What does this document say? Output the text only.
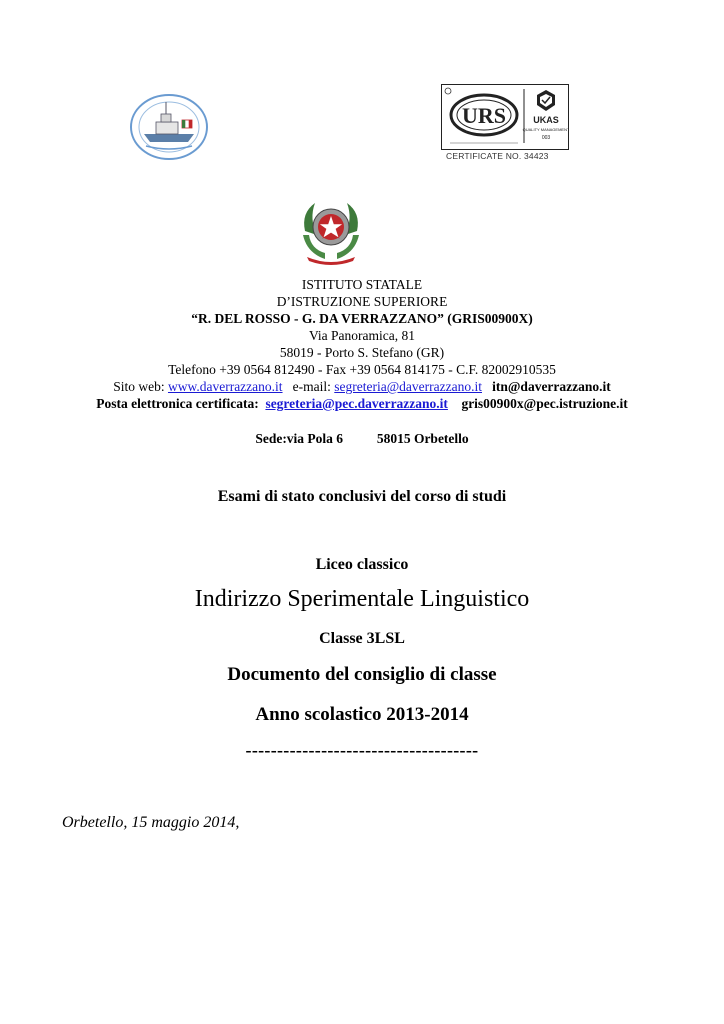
URS	UKAS
QUALITY MANAGEMENT
003
CERTIFICATE NO. 34423
ISTITUTO STATALE
D’ISTRUZIONE SUPERIORE
“R. DEL ROSSO - G. DA VERRAZZANO” (GRIS00900X)
Via Panoramica, 81
58019 - Porto S. Stefano (GR)
Telefono +39 0564 812490 - Fax +39 0564 814175 - C.F. 82002910535
Sito web: www.daverrazzano.it e-mail: segreteria@daverrazzano.it itn@daverrazzano.it
Posta elettronica certificata: segreteria@pec.daverrazzano.it gris00900x@pec.istruzione.it
Sede:via Pola 6	58015 Orbetello
Esami di stato conclusivi del corso di studi
Liceo classico
Indirizzo Sperimentale Linguistico
Classe 3LSL
Documento del consiglio di classe
Anno scolastico 2013-2014
-------------------------------------
Orbetello, 15 maggio 2014,
